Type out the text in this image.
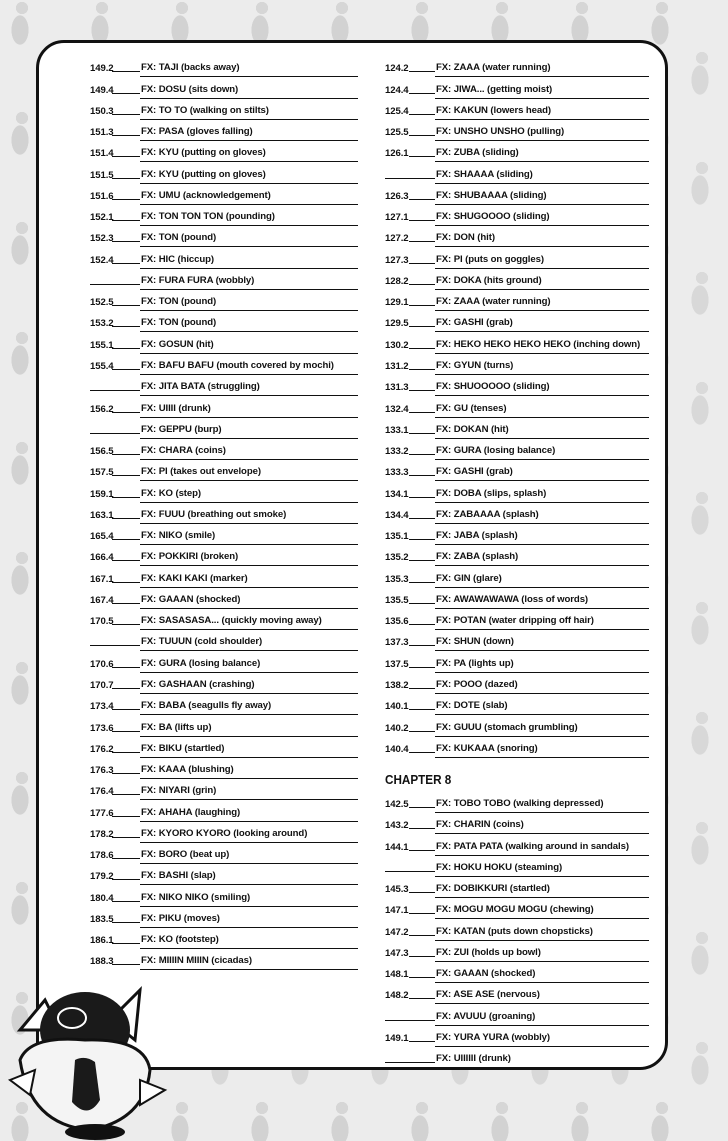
149.2	FX: TAJI (backs away)
149.4	FX: DOSU (sits down)
150.3	FX: TO TO (walking on stilts)
151.3	FX: PASA (gloves falling)
151.4	FX: KYU (putting on gloves)
151.5	FX: KYU (putting on gloves)
151.6	FX: UMU (acknowledgement)
152.1	FX: TON TON TON (pounding)
152.3	FX: TON (pound)
152.4	FX: HIC (hiccup)
FX: FURA FURA (wobbly)
152.5	FX: TON (pound)
153.2	FX: TON (pound)
155.1	FX: GOSUN (hit)
155.4	FX: BAFU BAFU (mouth covered by mochi)
FX: JITA BATA (struggling)
156.2	FX: UIIII (drunk)
FX: GEPPU (burp)
156.5	FX: CHARA (coins)
157.5	FX: PI (takes out envelope)
159.1	FX: KO (step)
163.1	FX: FUUU (breathing out smoke)
165.4	FX: NIKO (smile)
166.4	FX: POKKIRI (broken)
167.1	FX: KAKI KAKI (marker)
167.4	FX: GAAAN (shocked)
170.5	FX: SASASASA... (quickly moving away)
FX: TUUUN (cold shoulder)
170.6	FX: GURA (losing balance)
170.7	FX: GASHAAN (crashing)
173.4	FX: BABA (seagulls fly away)
173.6	FX: BA (lifts up)
176.2	FX: BIKU (startled)
176.3	FX: KAAA (blushing)
176.4	FX: NIYARI (grin)
177.6	FX: AHAHA (laughing)
178.2	FX: KYORO KYORO (looking around)
178.6	FX: BORO (beat up)
179.2	FX: BASHI (slap)
180.4	FX: NIKO NIKO (smiling)
183.5	FX: PIKU (moves)
186.1	FX: KO (footstep)
188.3	FX: MIIIIN MIIIN (cicadas)
124.2	FX: ZAAA (water running)
124.4	FX: JIWA... (getting moist)
125.4	FX: KAKUN (lowers head)
125.5	FX: UNSHO UNSHO (pulling)
126.1	FX: ZUBA (sliding)
FX: SHAAAA (sliding)
126.3	FX: SHUBAAAA (sliding)
127.1	FX: SHUGOOOO (sliding)
127.2	FX: DON (hit)
127.3	FX: PI (puts on goggles)
128.2	FX: DOKA (hits ground)
129.1	FX: ZAAA (water running)
129.5	FX: GASHI (grab)
130.2	FX: HEKO HEKO HEKO HEKO (inching down)
131.2	FX: GYUN (turns)
131.3	FX: SHUOOOOO (sliding)
132.4	FX: GU (tenses)
133.1	FX: DOKAN (hit)
133.2	FX: GURA (losing balance)
133.3	FX: GASHI (grab)
134.1	FX: DOBA (slips, splash)
134.4	FX: ZABAAAA (splash)
135.1	FX: JABA (splash)
135.2	FX: ZABA (splash)
135.3	FX: GIN (glare)
135.5	FX: AWAWAWAWA (loss of words)
135.6	FX: POTAN (water dripping off hair)
137.3	FX: SHUN (down)
137.5	FX: PA (lights up)
138.2	FX: POOO (dazed)
140.1	FX: DOTE (slab)
140.2	FX: GUUU (stomach grumbling)
140.4	FX: KUKAAA (snoring)
CHAPTER 8
142.5	FX: TOBO TOBO (walking depressed)
143.2	FX: CHARIN (coins)
144.1	FX: PATA PATA (walking around in sandals)
FX: HOKU HOKU (steaming)
145.3	FX: DOBIKKURI (startled)
147.1	FX: MOGU MOGU MOGU (chewing)
147.2	FX: KATAN (puts down chopsticks)
147.3	FX: ZUI (holds up bowl)
148.1	FX: GAAAN (shocked)
148.2	FX: ASE ASE (nervous)
FX: AVUUU (groaning)
149.1	FX: YURA YURA (wobbly)
FX: UIIIIII (drunk)
